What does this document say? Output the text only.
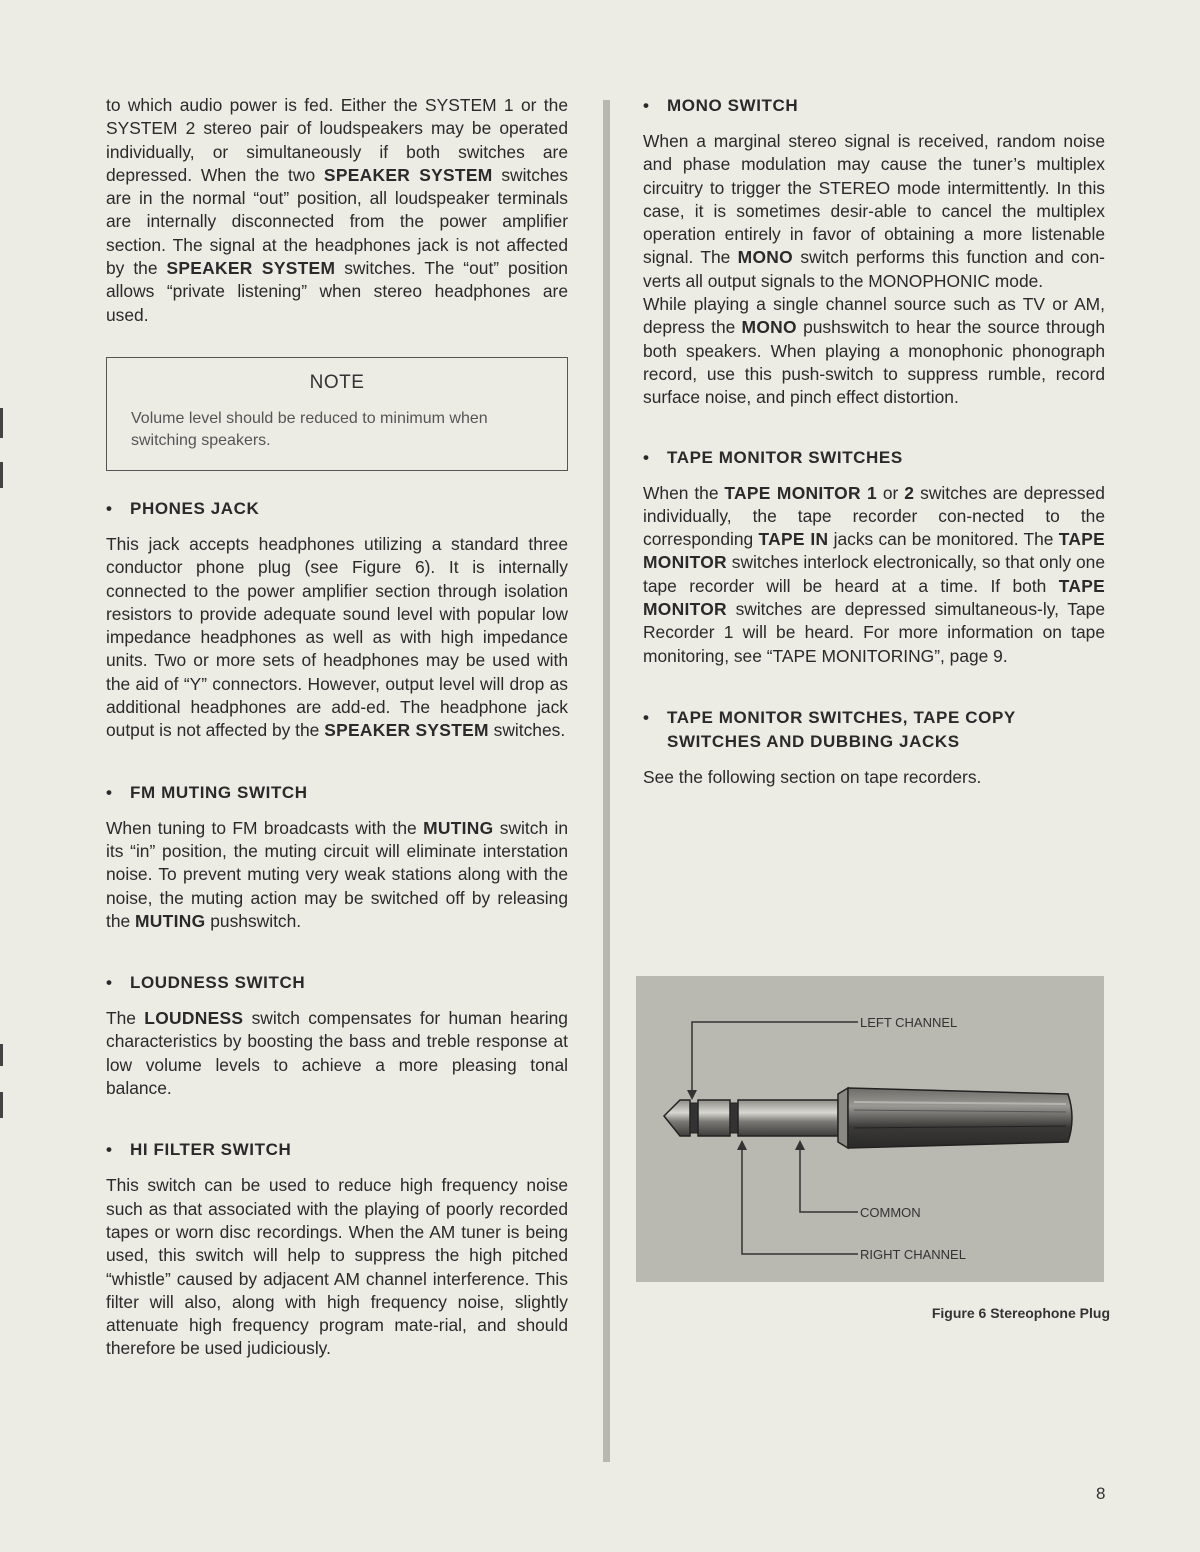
to which audio power is fed. Either the SYSTEM 1 or the SYSTEM 2 stereo pair of loudspeakers may be operated individually, or simultaneously if both switches are depressed. When the two SPEAKER SYSTEM switches are in the normal “out” position, all loudspeaker terminals are internally disconnected from the power amplifier section. The signal at the headphones jack is not affected by the SPEAKER SYSTEM switches. The “out” position allows “private listening” when stereo headphones are used.

NOTE
Volume level should be reduced to minimum when switching speakers.
•	PHONES JACK

This jack accepts headphones utilizing a standard three conductor phone plug (see Figure 6). It is internally connected to the power amplifier section through isolation resistors to provide adequate sound level with popular low impedance headphones as well as with high impedance units. Two or more sets of headphones may be used with the aid of “Y” connectors. However, output level will drop as additional headphones are add-ed. The headphone jack output is not affected by the SPEAKER SYSTEM switches.

•	FM MUTING SWITCH

When tuning to FM broadcasts with the MUTING switch in its “in” position, the muting circuit will eliminate interstation noise. To prevent muting very weak stations along with the noise, the muting action may be switched off by releasing the MUTING pushswitch.

•	LOUDNESS SWITCH

The LOUDNESS switch compensates for human hearing characteristics by boosting the bass and treble response at low volume levels to achieve a more pleasing tonal balance.

•	HI FILTER SWITCH

This switch can be used to reduce high frequency noise such as that associated with the playing of poorly recorded tapes or worn disc recordings. When the AM tuner is being used, this switch will help to suppress the high pitched “whistle” caused by adjacent AM channel interference. This filter will also, along with high frequency noise, slightly attenuate high frequency program mate-rial, and should therefore be used judiciously.

•	MONO SWITCH

When a marginal stereo signal is received, random noise and phase modulation may cause the tuner’s multiplex circuitry to trigger the STEREO mode intermittently. In this case, it is sometimes desir-able to cancel the multiplex operation entirely in favor of obtaining a more listenable signal. The MONO switch performs this function and con-verts all output signals to the MONOPHONIC mode.
While playing a single channel source such as TV or AM, depress the MONO pushswitch to hear the source through both speakers. When playing a monophonic phonograph record, use this push-switch to suppress rumble, record surface noise, and pinch effect distortion.

•	TAPE MONITOR SWITCHES

When the TAPE MONITOR 1 or 2 switches are depressed individually, the tape recorder con-nected to the corresponding TAPE IN jacks can be monitored. The TAPE MONITOR switches interlock electronically, so that only one tape recorder will be heard at a time. If both TAPE MONITOR switches are depressed simultaneous-ly, Tape Recorder 1 will be heard. For more information on tape monitoring, see “TAPE MONITORING”, page 9.

•	TAPE MONITOR SWITCHES, TAPE COPY SWITCHES AND DUBBING JACKS

See the following section on tape recorders.

LEFT CHANNEL
COMMON
RIGHT CHANNEL
Figure 6 Stereophone Plug
8
